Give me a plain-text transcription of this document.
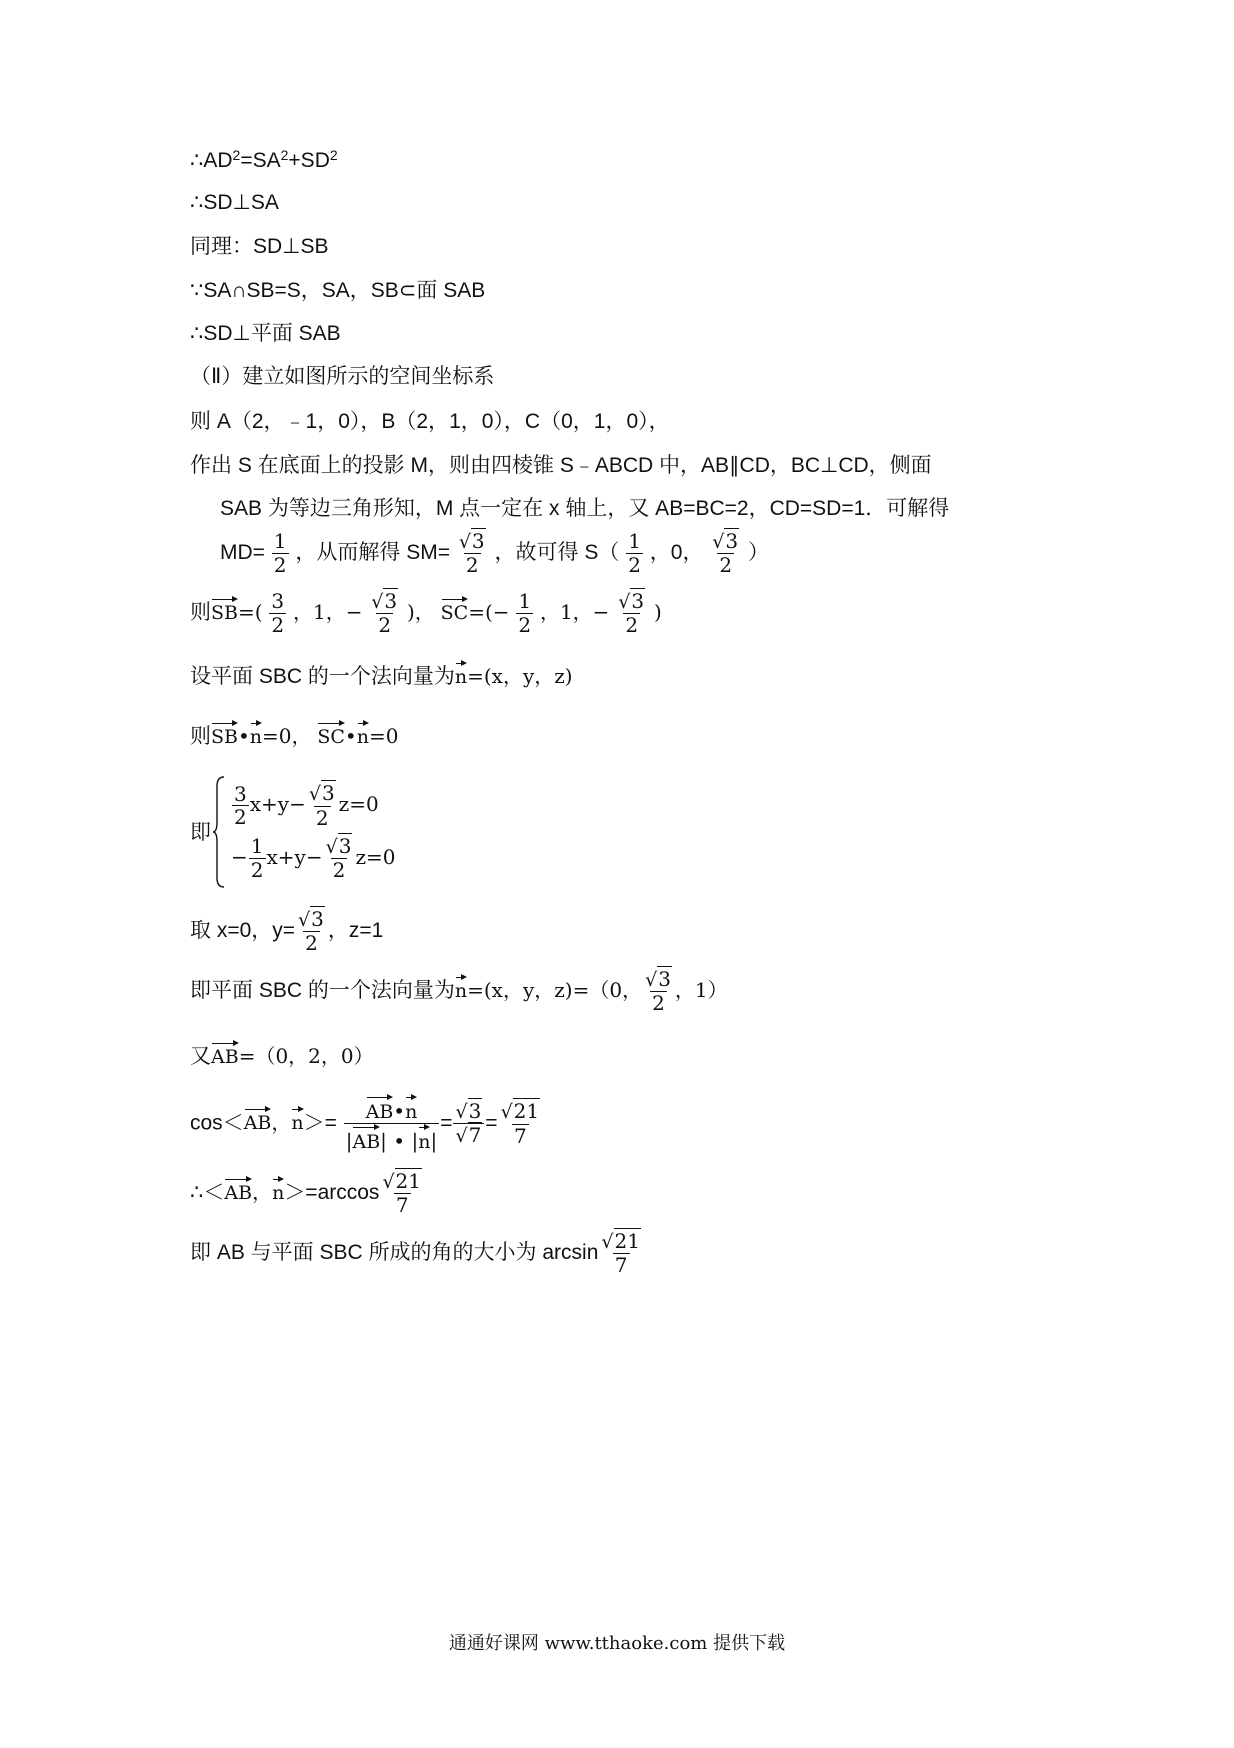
$\therefore AD^2=SA^2+SD^2$
∴SD⊥SA
同理：SD⊥SB
∵SA∩SB=S，SA，SB⊂面 SAB
∴SD⊥平面 SAB
（Ⅱ）建立如图所示的空间坐标系
则 A（2，﹣1，0），B（2，1，0），C（0，1，0），
作出 S 在底面上的投影 M，则由四棱锥 S﹣ABCD 中，AB∥CD，BC⊥CD，侧面
SAB 为等边三角形知，M 点一定在 x 轴上，又 AB=BC=2，CD=SD=1．可解得
$MD= \frac{1}{2}$ ，从而解得 $SM= \frac{√3}{2}$ ，故可得 $S( \frac{1}{2}$ ，0， $\frac{√3}{2}$ ）
则$SB=( \frac{3}{2}$ ，1，− $\frac{√3}{2}$ )， $SC=(- \frac{1}{2}$ ，1，− $\frac{√3}{2}$ )
设平面 SBC 的一个法向量为n=(x，y，z)
则SB•n=0， SC•n=0
即
$\frac{3}{2} x+y- \frac{√3}{2} z=0$
− $\frac{1}{2} x+y- \frac{√3}{2} z=0$
取 x=0，$y= \frac{√3}{2}$ ，z=1
即平面 SBC 的一个法向量为n=(x，y，z)=（0， $\frac{√3}{2}$ ，1）
又AB=（0，2，0）
cos＜AB，$n>= \frac{AB•n}{|AB| • |n|} = \frac{√3}{√7} = \frac{√21}{7}$
∴＜AB，$n>=\arccos \frac{√21}{7}$
即 AB 与平面 SBC 所成的角的大小为 $\arcsin \frac{√21}{7}$
通通好课网 www.tthaoke.com 提供下载
